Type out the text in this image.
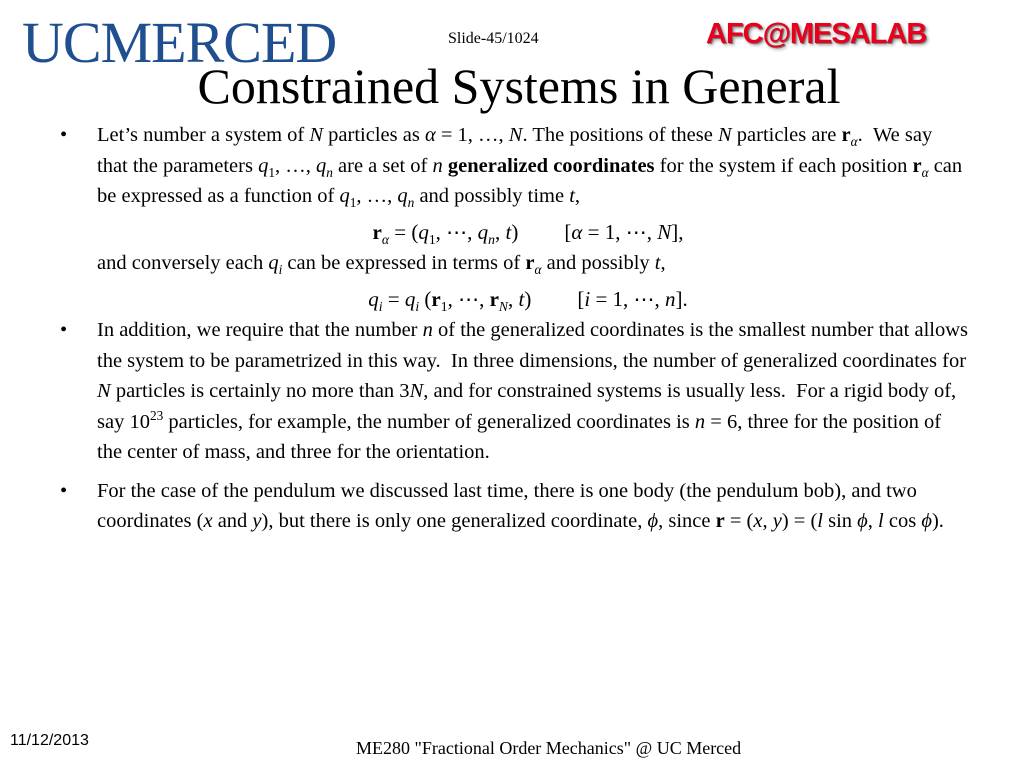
UCMERCED	Slide-45/1024	AFC@MESALAB
Constrained Systems in General
• Let’s number a system of N particles as α = 1, …, N. The positions of these N particles are $r_\alpha$.  We say that the parameters $q_1$, …, $q_n$ are a set of n generalized coordinates for the system if each position $r_\alpha$ can be expressed as a function of $q_1$, …, $q_n$ and possibly time t,
$r_\alpha = (q_1$, ⋯, $q_n$, t) [α = 1, ⋯, N],
and conversely each $q_i$ can be expressed in terms of $r_\alpha$ and possibly t,
$q_i = q_i$ ($r_1$, ⋯, $r_N$, t) [i = 1, ⋯, n].
• In addition, we require that the number n of the generalized coordinates is the smallest number that allows the system to be parametrized in this way.  In three dimensions, the number of generalized coordinates for N particles is certainly no more than 3N, and for constrained systems is usually less.  For a rigid body of, say $10^{23}$ particles, for example, the number of generalized coordinates is n = 6, three for the position of the center of mass, and three for the orientation.
• For the case of the pendulum we discussed last time, there is one body (the pendulum bob), and two coordinates (x and y), but there is only one generalized coordinate, ϕ, since r = (x, y) = (l sin ϕ, l cos ϕ).
11/12/2013	ME280 "Fractional Order Mechanics" @ UC Merced
